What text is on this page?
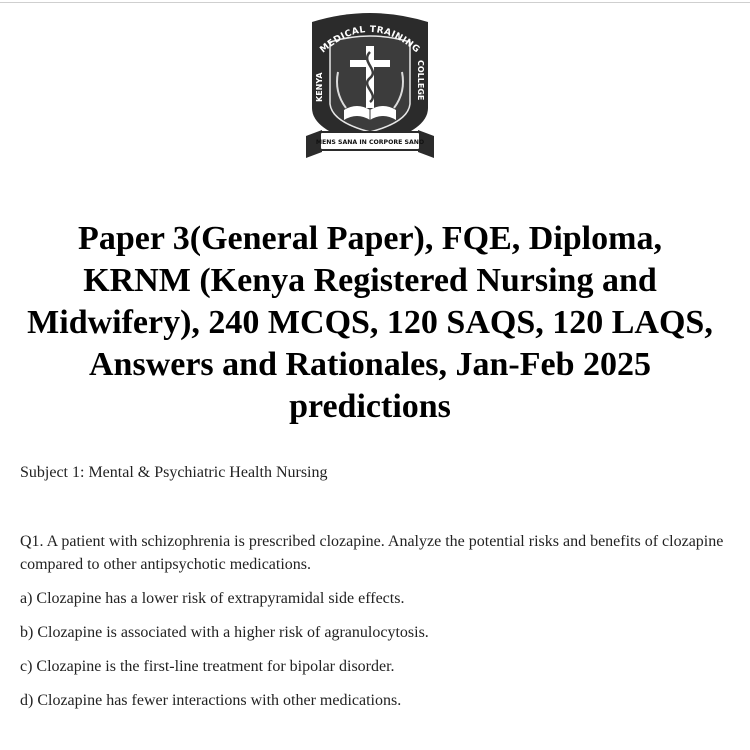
MEDICAL TRAINING
KENYA	COLLEGE
MENS SANA IN CORPORE SANO
Paper 3(General Paper), FQE, Diploma, KRNM (Kenya Registered Nursing and Midwifery), 240 MCQS, 120 SAQS, 120 LAQS, Answers and Rationales, Jan-Feb 2025 predictions
Subject 1: Mental & Psychiatric Health Nursing
Q1. A patient with schizophrenia is prescribed clozapine. Analyze the potential risks and benefits of clozapine compared to other antipsychotic medications.
a) Clozapine has a lower risk of extrapyramidal side effects.
b) Clozapine is associated with a higher risk of agranulocytosis.
c) Clozapine is the first-line treatment for bipolar disorder.
d) Clozapine has fewer interactions with other medications.
